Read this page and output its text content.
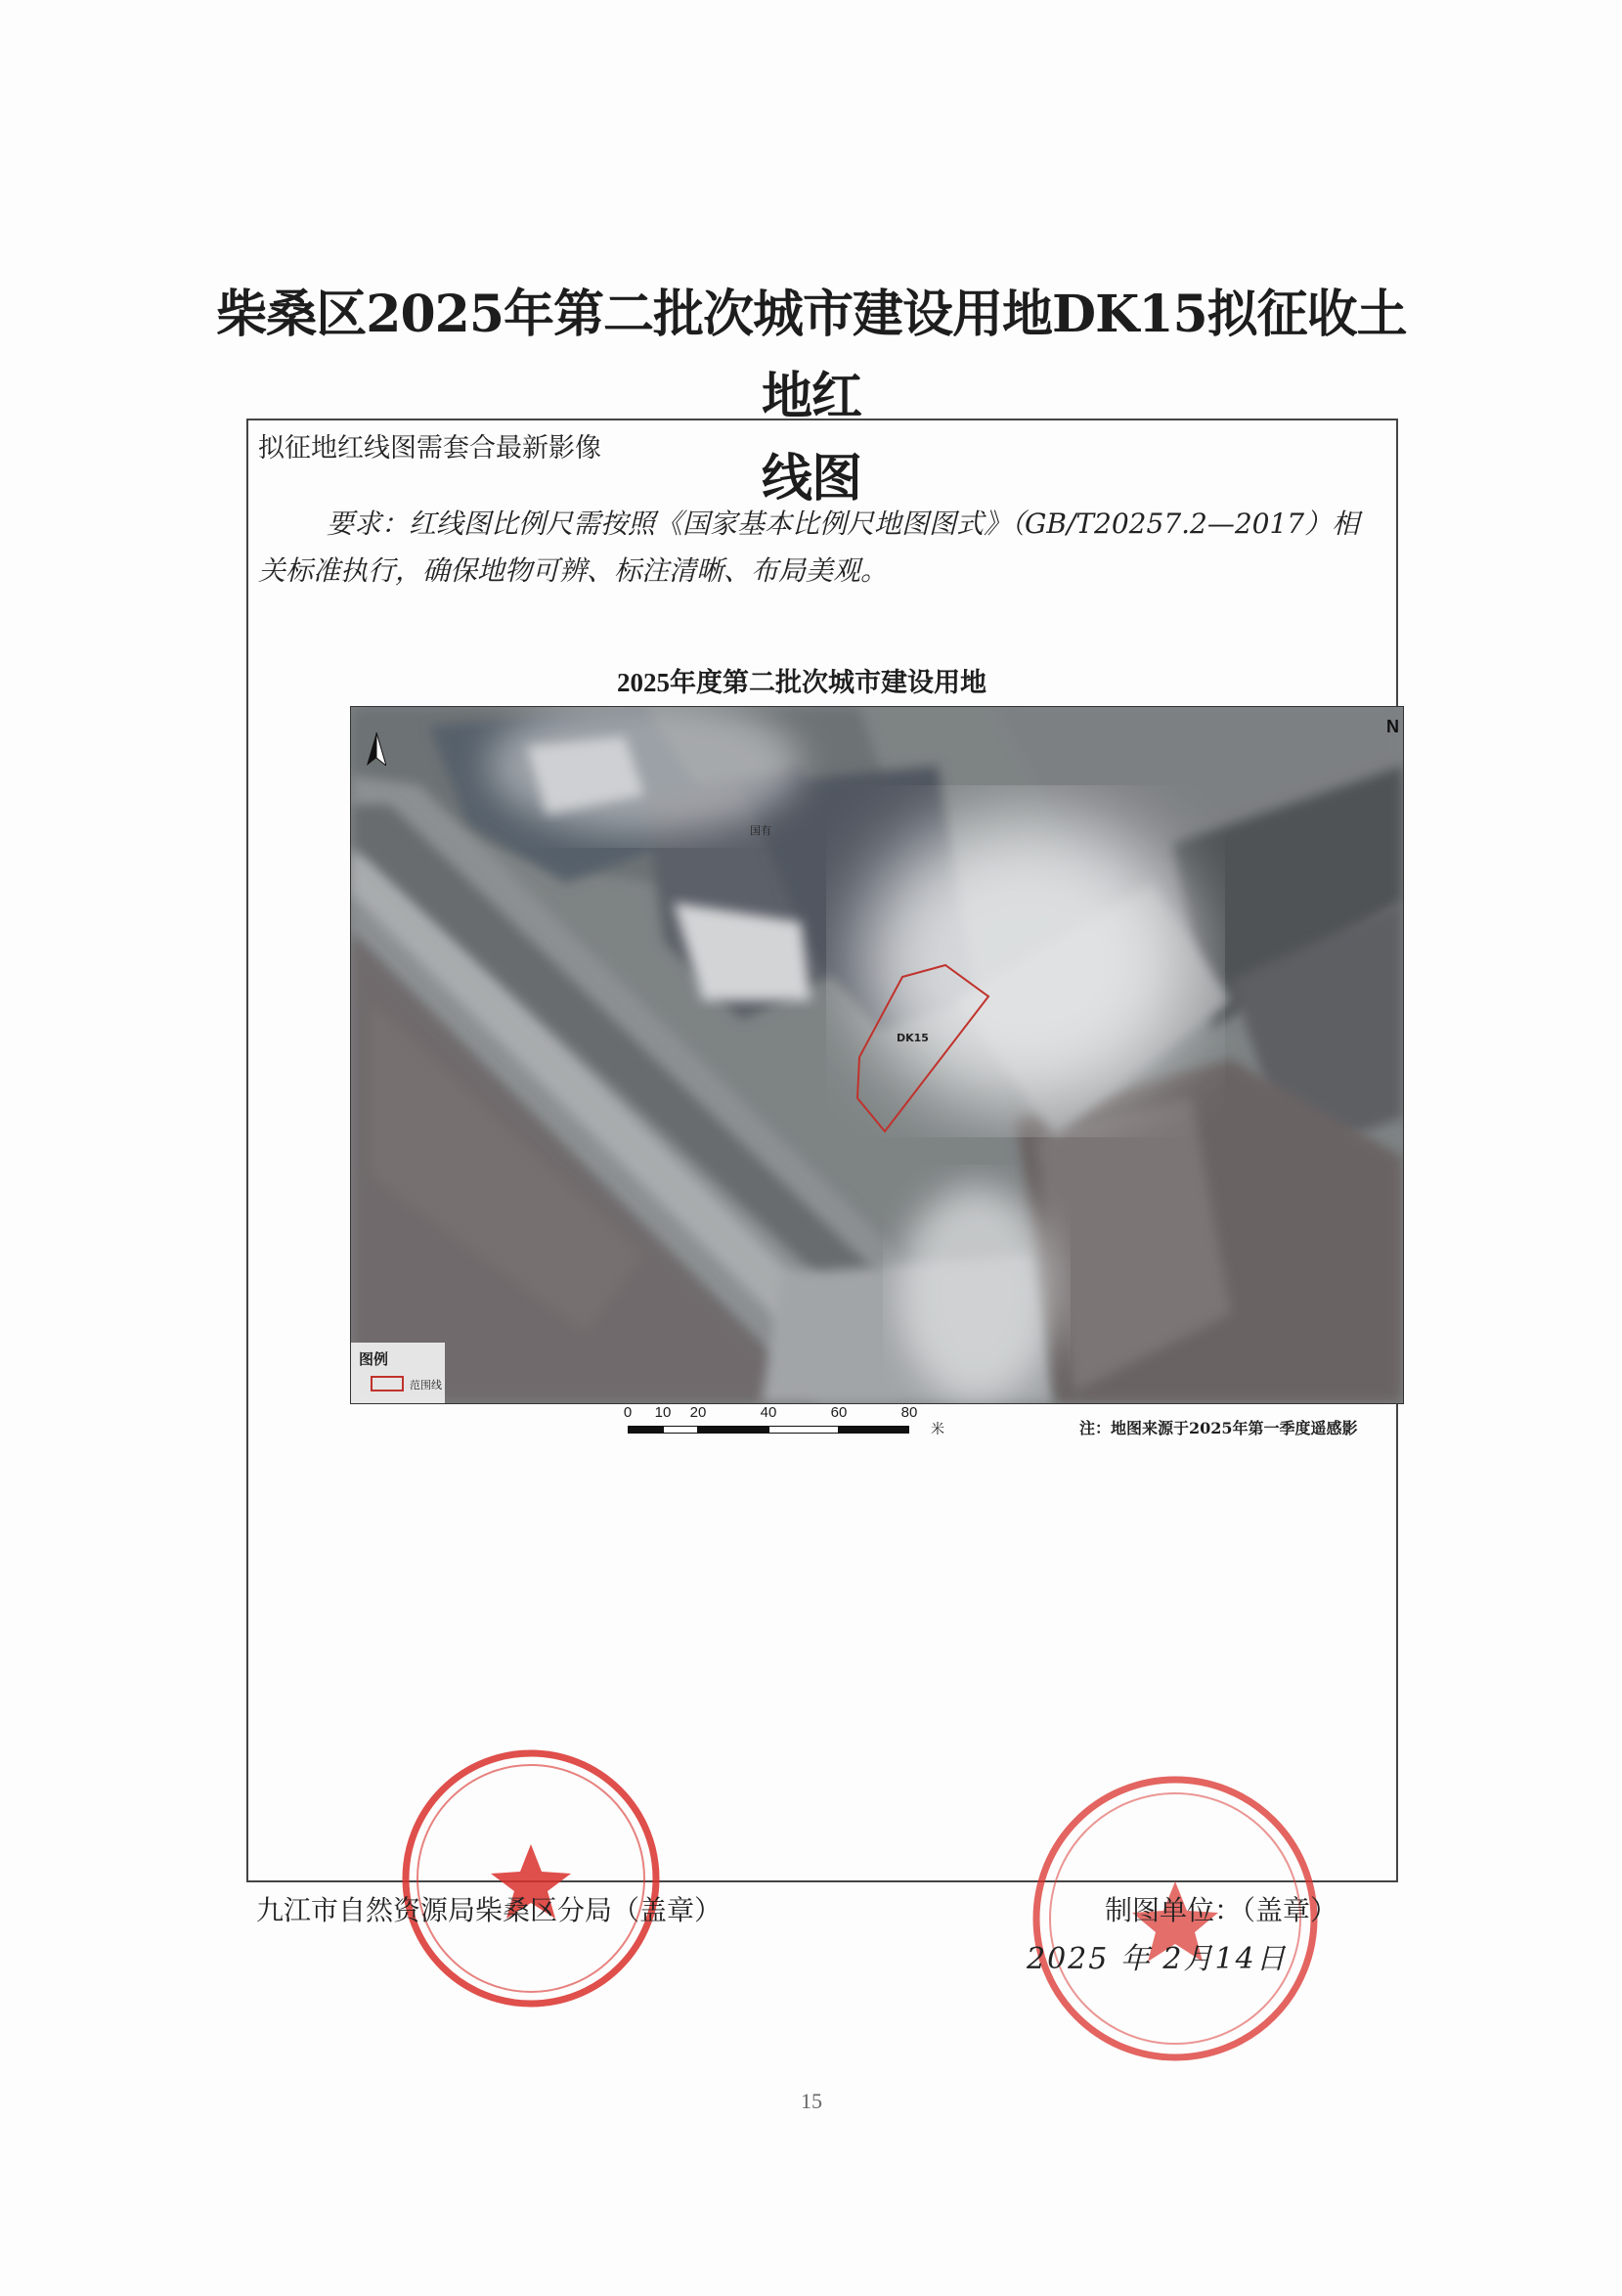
柴桑区2025年第二批次城市建设用地DK15拟征收土地红
线图
拟征地红线图需套合最新影像
要求：红线图比例尺需按照《国家基本比例尺地图图式》（GB/T20257.2—2017）相关标准执行，确保地物可辨、标注清晰、布局美观。
2025年度第二批次城市建设用地
国有
DK15
N
图例
范围线
0 10 20	40	60	80
米	注：地图来源于2025年第一季度遥感影
九江市自然资源局柴桑区分局（盖章）	制图单位：（盖章）
2025 年 2月14日
15
